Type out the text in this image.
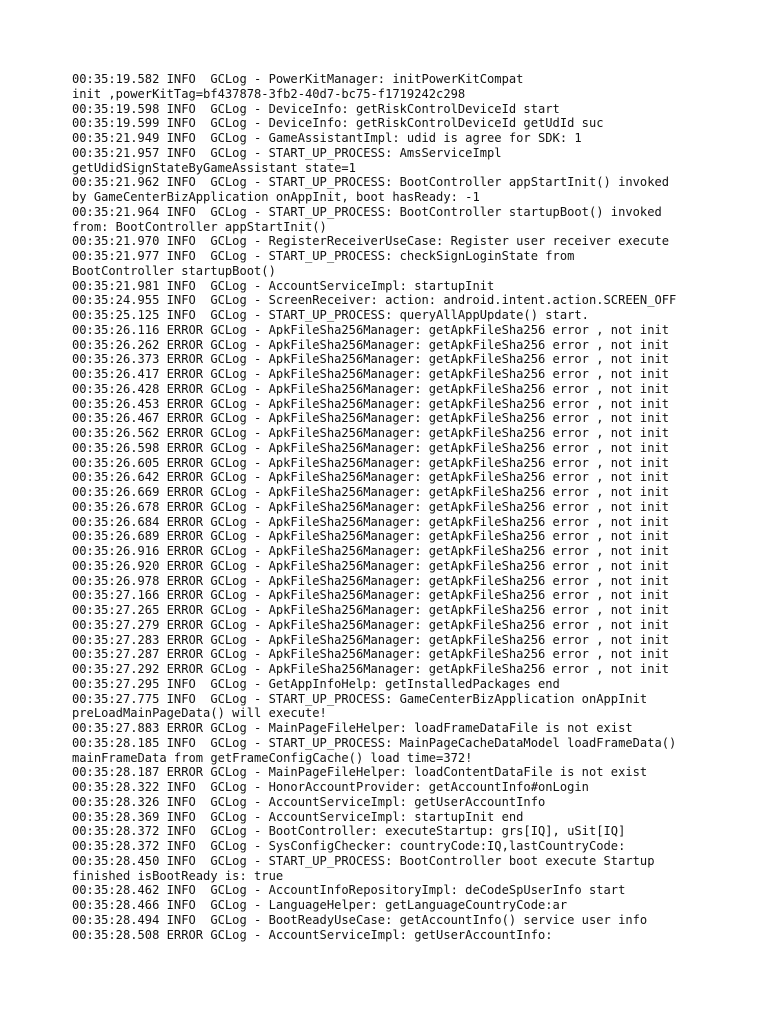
00:35:19.582 INFO  GCLog - PowerKitManager: initPowerKitCompat
init ,powerKitTag=bf437878-3fb2-40d7-bc75-f1719242c298
00:35:19.598 INFO  GCLog - DeviceInfo: getRiskControlDeviceId start
00:35:19.599 INFO  GCLog - DeviceInfo: getRiskControlDeviceId getUdId suc
00:35:21.949 INFO  GCLog - GameAssistantImpl: udid is agree for SDK: 1
00:35:21.957 INFO  GCLog - START_UP_PROCESS: AmsServiceImpl
getUdidSignStateByGameAssistant state=1
00:35:21.962 INFO  GCLog - START_UP_PROCESS: BootController appStartInit() invoked
by GameCenterBizApplication onAppInit, boot hasReady: -1
00:35:21.964 INFO  GCLog - START_UP_PROCESS: BootController startupBoot() invoked
from: BootController appStartInit()
00:35:21.970 INFO  GCLog - RegisterReceiverUseCase: Register user receiver execute
00:35:21.977 INFO  GCLog - START_UP_PROCESS: checkSignLoginState from
BootController startupBoot()
00:35:21.981 INFO  GCLog - AccountServiceImpl: startupInit
00:35:24.955 INFO  GCLog - ScreenReceiver: action: android.intent.action.SCREEN_OFF
00:35:25.125 INFO  GCLog - START_UP_PROCESS: queryAllAppUpdate() start.
00:35:26.116 ERROR GCLog - ApkFileSha256Manager: getApkFileSha256 error , not init
00:35:26.262 ERROR GCLog - ApkFileSha256Manager: getApkFileSha256 error , not init
00:35:26.373 ERROR GCLog - ApkFileSha256Manager: getApkFileSha256 error , not init
00:35:26.417 ERROR GCLog - ApkFileSha256Manager: getApkFileSha256 error , not init
00:35:26.428 ERROR GCLog - ApkFileSha256Manager: getApkFileSha256 error , not init
00:35:26.453 ERROR GCLog - ApkFileSha256Manager: getApkFileSha256 error , not init
00:35:26.467 ERROR GCLog - ApkFileSha256Manager: getApkFileSha256 error , not init
00:35:26.562 ERROR GCLog - ApkFileSha256Manager: getApkFileSha256 error , not init
00:35:26.598 ERROR GCLog - ApkFileSha256Manager: getApkFileSha256 error , not init
00:35:26.605 ERROR GCLog - ApkFileSha256Manager: getApkFileSha256 error , not init
00:35:26.642 ERROR GCLog - ApkFileSha256Manager: getApkFileSha256 error , not init
00:35:26.669 ERROR GCLog - ApkFileSha256Manager: getApkFileSha256 error , not init
00:35:26.678 ERROR GCLog - ApkFileSha256Manager: getApkFileSha256 error , not init
00:35:26.684 ERROR GCLog - ApkFileSha256Manager: getApkFileSha256 error , not init
00:35:26.689 ERROR GCLog - ApkFileSha256Manager: getApkFileSha256 error , not init
00:35:26.916 ERROR GCLog - ApkFileSha256Manager: getApkFileSha256 error , not init
00:35:26.920 ERROR GCLog - ApkFileSha256Manager: getApkFileSha256 error , not init
00:35:26.978 ERROR GCLog - ApkFileSha256Manager: getApkFileSha256 error , not init
00:35:27.166 ERROR GCLog - ApkFileSha256Manager: getApkFileSha256 error , not init
00:35:27.265 ERROR GCLog - ApkFileSha256Manager: getApkFileSha256 error , not init
00:35:27.279 ERROR GCLog - ApkFileSha256Manager: getApkFileSha256 error , not init
00:35:27.283 ERROR GCLog - ApkFileSha256Manager: getApkFileSha256 error , not init
00:35:27.287 ERROR GCLog - ApkFileSha256Manager: getApkFileSha256 error , not init
00:35:27.292 ERROR GCLog - ApkFileSha256Manager: getApkFileSha256 error , not init
00:35:27.295 INFO  GCLog - GetAppInfoHelp: getInstalledPackages end
00:35:27.775 INFO  GCLog - START_UP_PROCESS: GameCenterBizApplication onAppInit
preLoadMainPageData() will execute!
00:35:27.883 ERROR GCLog - MainPageFileHelper: loadFrameDataFile is not exist
00:35:28.185 INFO  GCLog - START_UP_PROCESS: MainPageCacheDataModel loadFrameData()
mainFrameData from getFrameConfigCache() load time=372!
00:35:28.187 ERROR GCLog - MainPageFileHelper: loadContentDataFile is not exist
00:35:28.322 INFO  GCLog - HonorAccountProvider: getAccountInfo#onLogin
00:35:28.326 INFO  GCLog - AccountServiceImpl: getUserAccountInfo
00:35:28.369 INFO  GCLog - AccountServiceImpl: startupInit end
00:35:28.372 INFO  GCLog - BootController: executeStartup: grs[IQ], uSit[IQ]
00:35:28.372 INFO  GCLog - SysConfigChecker: countryCode:IQ,lastCountryCode:
00:35:28.450 INFO  GCLog - START_UP_PROCESS: BootController boot execute Startup
finished isBootReady is: true
00:35:28.462 INFO  GCLog - AccountInfoRepositoryImpl: deCodeSpUserInfo start
00:35:28.466 INFO  GCLog - LanguageHelper: getLanguageCountryCode:ar
00:35:28.494 INFO  GCLog - BootReadyUseCase: getAccountInfo() service user info
00:35:28.508 ERROR GCLog - AccountServiceImpl: getUserAccountInfo:
